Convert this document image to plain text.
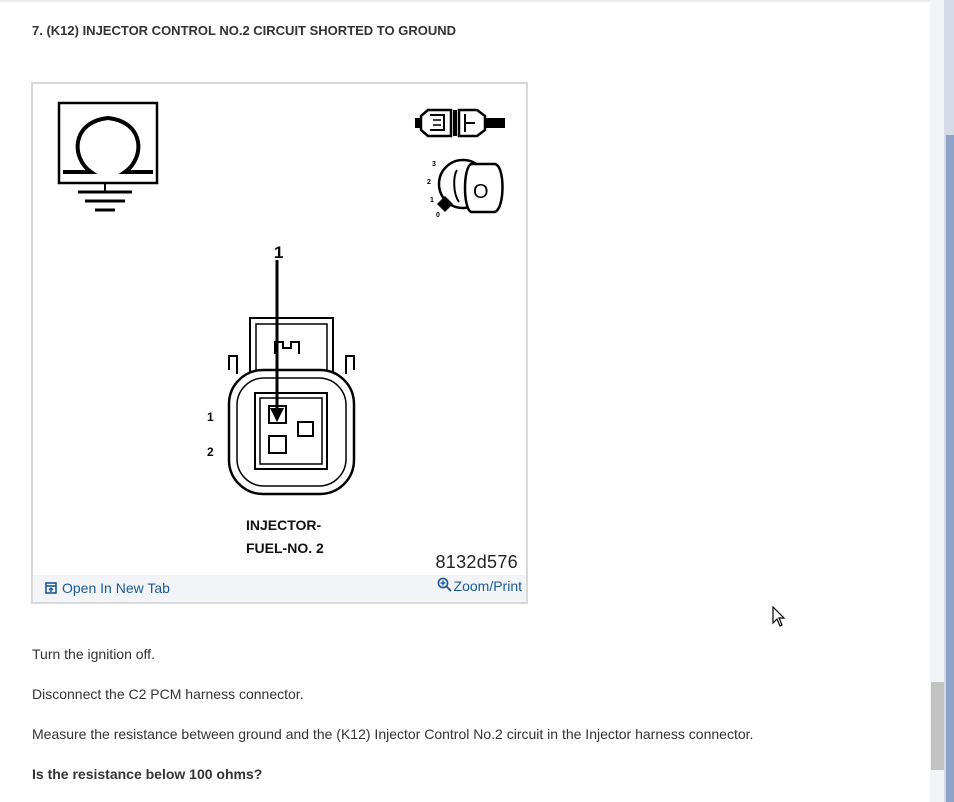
7. (K12) INJECTOR CONTROL NO.2 CIRCUIT SHORTED TO GROUND
3
2
1
0
O
1
1
2
INJECTOR-
FUEL-NO. 2
8132d576
Open In New Tab	Zoom/Print

Turn the ignition off.

Disconnect the C2 PCM harness connector.

Measure the resistance between ground and the (K12) Injector Control No.2 circuit in the Injector harness connector.

Is the resistance below 100 ohms?
